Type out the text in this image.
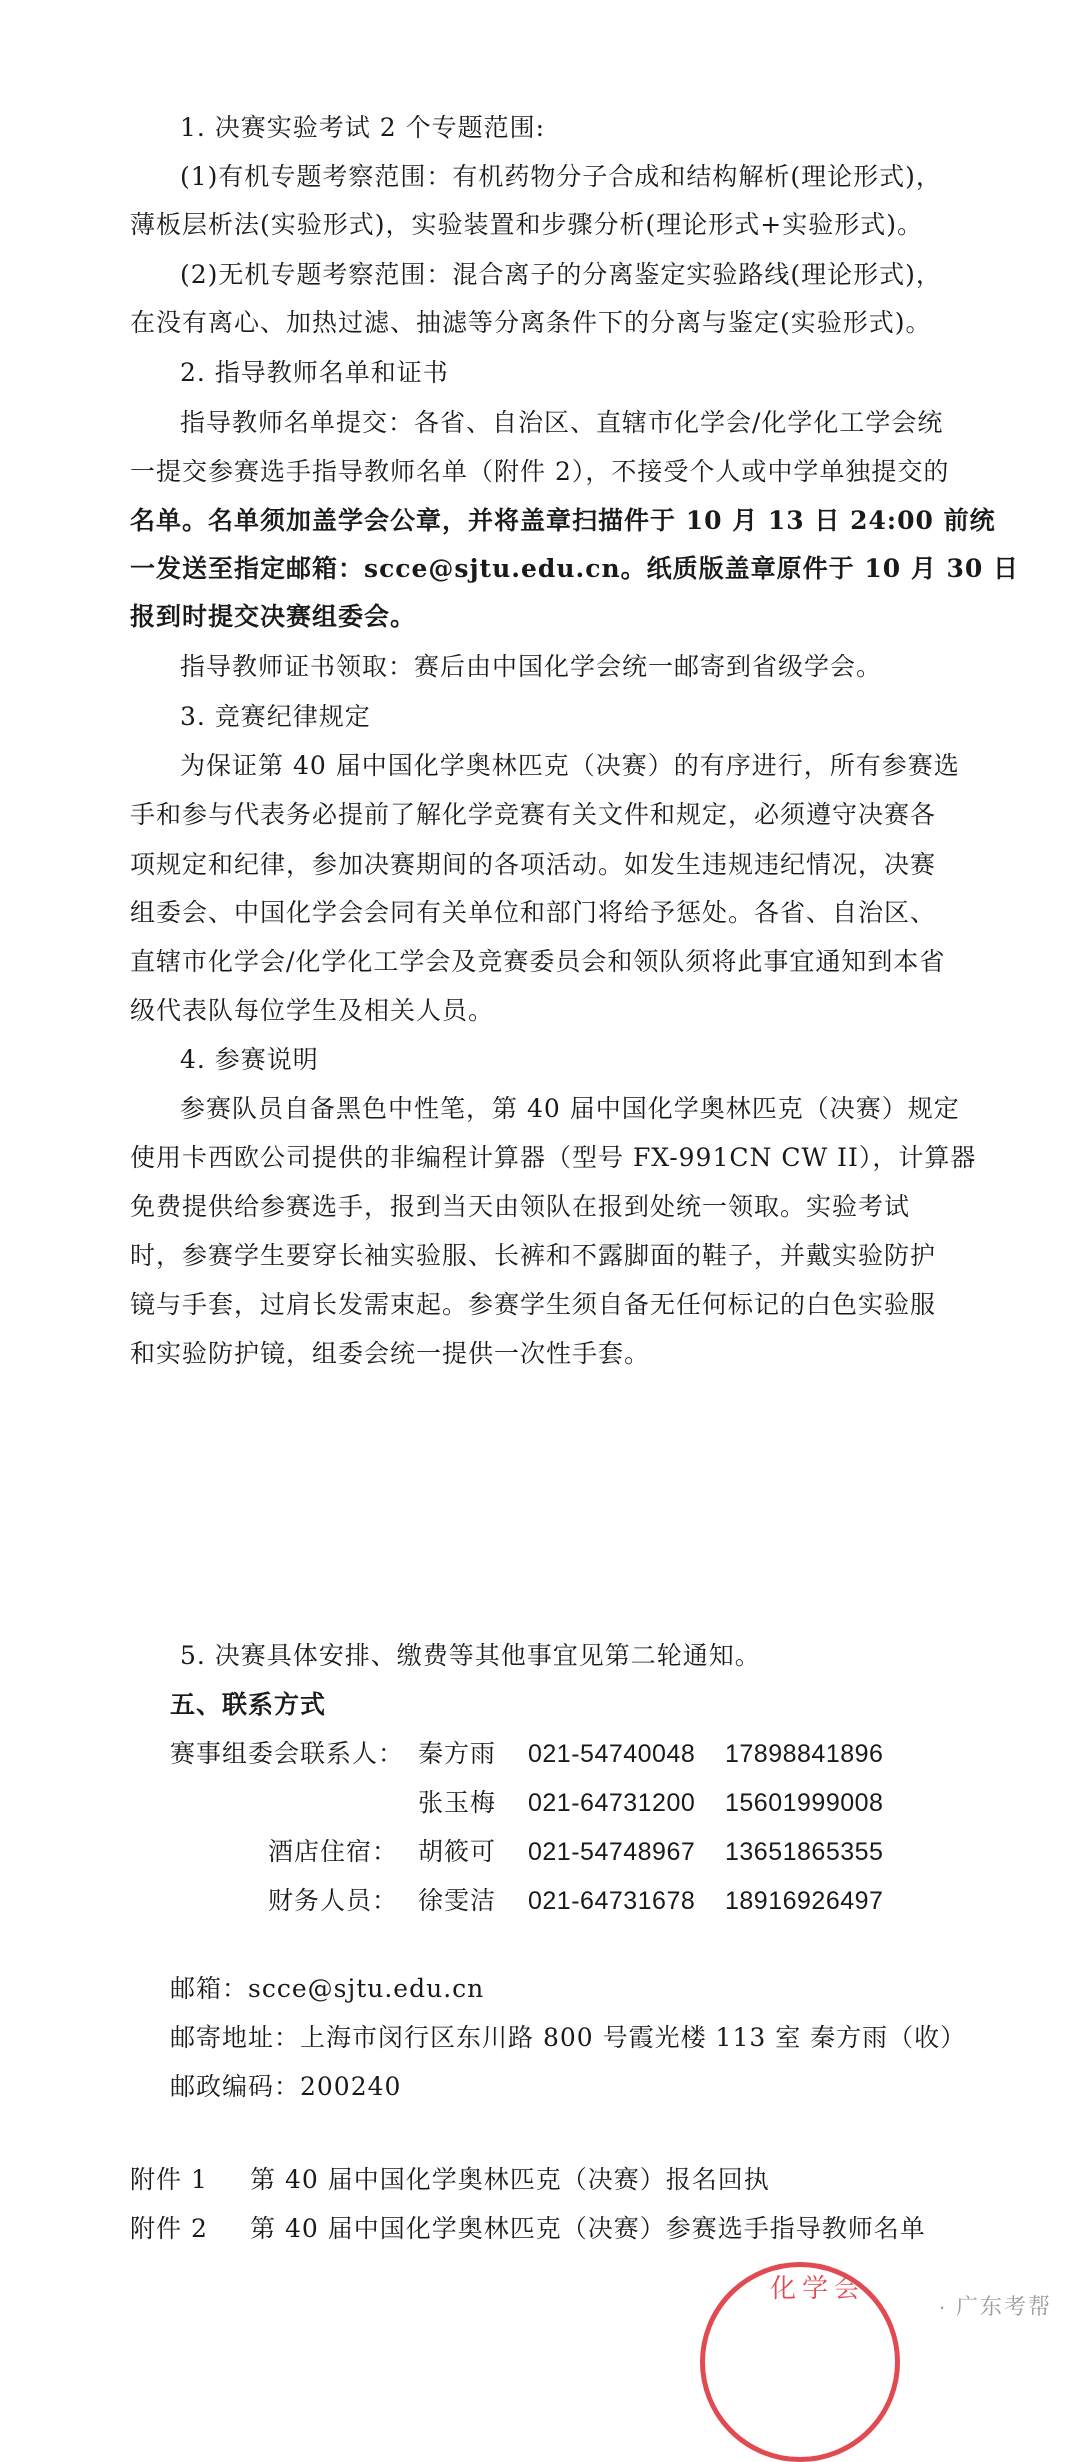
1. 决赛实验考试 2 个专题范围:
(1)有机专题考察范围：有机药物分子合成和结构解析(理论形式)，
薄板层析法(实验形式)，实验装置和步骤分析(理论形式+实验形式)。
(2)无机专题考察范围：混合离子的分离鉴定实验路线(理论形式)，
在没有离心、加热过滤、抽滤等分离条件下的分离与鉴定(实验形式)。
2. 指导教师名单和证书
指导教师名单提交：各省、自治区、直辖市化学会/化学化工学会统
一提交参赛选手指导教师名单（附件 2），不接受个人或中学单独提交的
名单。名单须加盖学会公章，并将盖章扫描件于 10 月 13 日 24:00 前统
一发送至指定邮箱：scce@sjtu.edu.cn。纸质版盖章原件于 10 月 30 日
报到时提交决赛组委会。
指导教师证书领取：赛后由中国化学会统一邮寄到省级学会。
3. 竞赛纪律规定
为保证第 40 届中国化学奥林匹克（决赛）的有序进行，所有参赛选
手和参与代表务必提前了解化学竞赛有关文件和规定，必须遵守决赛各
项规定和纪律，参加决赛期间的各项活动。如发生违规违纪情况，决赛
组委会、中国化学会会同有关单位和部门将给予惩处。各省、自治区、
直辖市化学会/化学化工学会及竞赛委员会和领队须将此事宜通知到本省
级代表队每位学生及相关人员。
4. 参赛说明
参赛队员自备黑色中性笔，第 40 届中国化学奥林匹克（决赛）规定
使用卡西欧公司提供的非编程计算器（型号 FX-991CN CW II），计算器
免费提供给参赛选手，报到当天由领队在报到处统一领取。实验考试
时，参赛学生要穿长袖实验服、长裤和不露脚面的鞋子，并戴实验防护
镜与手套，过肩长发需束起。参赛学生须自备无任何标记的白色实验服
和实验防护镜，组委会统一提供一次性手套。
5. 决赛具体安排、缴费等其他事宜见第二轮通知。
五、联系方式
赛事组委会联系人： 秦方雨 021-54740048 17898841896
张玉梅 021-64731200 15601999008
酒店住宿： 胡筱可 021-54748967 13651865355
财务人员： 徐雯洁 021-64731678 18916926497
邮箱：scce@sjtu.edu.cn
邮寄地址：上海市闵行区东川路 800 号霞光楼 113 室 秦方雨（收）
邮政编码：200240
附件 1 第 40 届中国化学奥林匹克（决赛）报名回执
附件 2 第 40 届中国化学奥林匹克（决赛）参赛选手指导教师名单
化学会
· 广东考帮
